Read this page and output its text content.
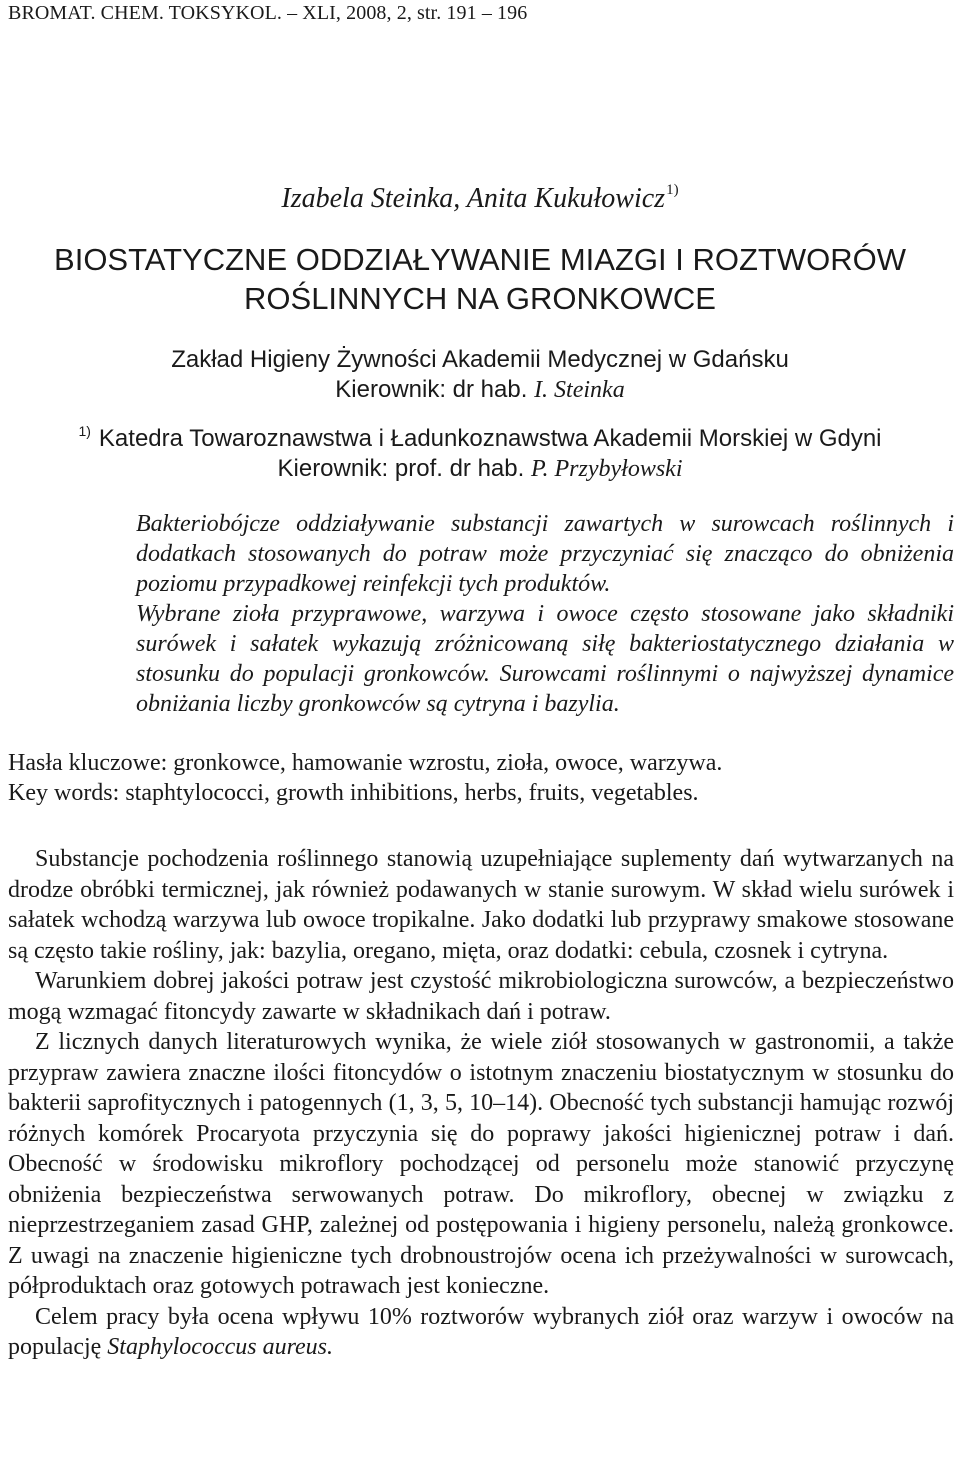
BROMAT. CHEM. TOKSYKOL. – XLI, 2008, 2, str. 191 – 196
Izabela Steinka, Anita Kukułowicz$^{1)}$
BIOSTATYCZNE ODDZIAŁYWANIE MIAZGI I ROZTWORÓW
ROŚLINNYCH NA GRONKOWCE
Zakład Higieny Żywności Akademii Medycznej w Gdańsku
Kierownik: dr hab. I. Steinka
$^{1)}$ Katedra Towaroznawstwa i Ładunkoznawstwa Akademii Morskiej w Gdyni
Kierownik: prof. dr hab. P. Przybyłowski

Bakteriobójcze oddziaływanie substancji zawartych w surowcach roślinnych i dodatkach stosowanych do potraw może przyczyniać się znacząco do obniżenia poziomu przypadkowej reinfekcji tych produktów.

Wybrane zioła przyprawowe, warzywa i owoce często stosowane jako składniki surówek i sałatek wykazują zróżnicowaną siłę bakteriostatycznego działania w stosunku do populacji gronkowców. Surowcami roślinnymi o najwyższej dynamice obniżania liczby gronkowców są cytryna i bazylia.

Hasła kluczowe: gronkowce, hamowanie wzrostu, zioła, owoce, warzywa.
Key words: staphtylococci, growth inhibitions, herbs, fruits, vegetables.

Substancje pochodzenia roślinnego stanowią uzupełniające suplementy dań wytwarzanych na drodze obróbki termicznej, jak również podawanych w stanie surowym. W skład wielu surówek i sałatek wchodzą warzywa lub owoce tropikalne. Jako dodatki lub przyprawy smakowe stosowane są często takie rośliny, jak: bazylia, oregano, mięta, oraz dodatki: cebula, czosnek i cytryna.

Warunkiem dobrej jakości potraw jest czystość mikrobiologiczna surowców, a bezpieczeństwo mogą wzmagać fitoncydy zawarte w składnikach dań i potraw.

Z licznych danych literaturowych wynika, że wiele ziół stosowanych w gastronomii, a także przypraw zawiera znaczne ilości fitoncydów o istotnym znaczeniu biostatycznym w stosunku do bakterii saprofitycznych i patogennych (1, 3, 5, 10–14). Obecność tych substancji hamując rozwój różnych komórek Procaryota przyczynia się do poprawy jakości higienicznej potraw i dań. Obecność w środowisku mikroflory pochodzącej od personelu może stanowić przyczynę obniżenia bezpieczeństwa serwowanych potraw. Do mikroflory, obecnej w związku z nieprzestrzeganiem zasad GHP, zależnej od postępowania i higieny personelu, należą gronkowce. Z uwagi na znaczenie higieniczne tych drobnoustrojów ocena ich przeżywalności w surowcach, półproduktach oraz gotowych potrawach jest konieczne.

Celem pracy była ocena wpływu 10% roztworów wybranych ziół oraz warzyw i owoców na populację Staphylococcus aureus.
